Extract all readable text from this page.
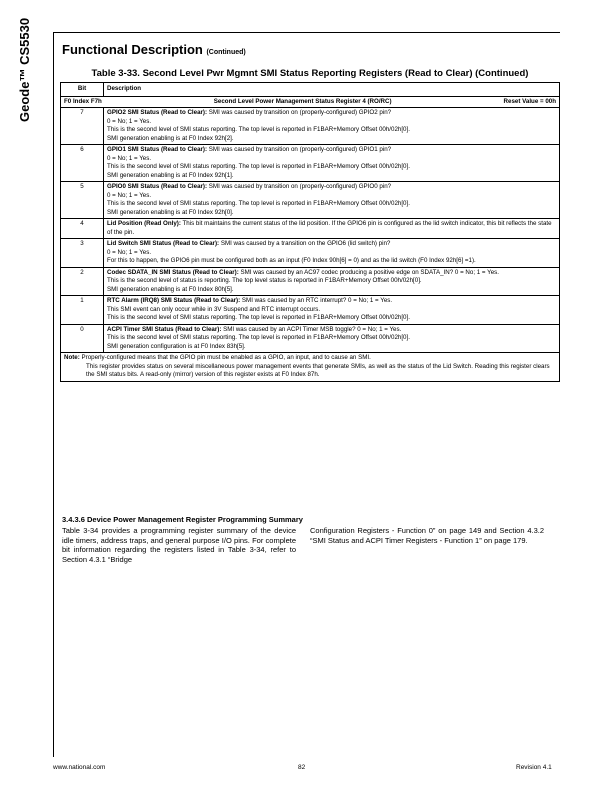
Geode™ CS5530 Functional Description (Continued)
Table 3-33. Second Level Pwr Mgmnt SMI Status Reporting Registers (Read to Clear) (Continued)
Bit	Description

F0 Index F7h Second Level Power Management Status Register 4 (RO/RC) Reset Value = 00h	

7	GPIO2 SMI Status (Read to Clear): SMI was caused by transition on (properly-configured) GPIO2 pin?

0 = No; 1 = Yes.

This is the second level of SMI status reporting. The top level is reported in F1BAR+Memory Offset 00h/02h[0].

SMI generation enabling is at F0 Index 92h[2].

6	GPIO1 SMI Status (Read to Clear): SMI was caused by transition on (properly-configured) GPIO1 pin?

0 = No; 1 = Yes.

This is the second level of SMI status reporting. The top level is reported in F1BAR+Memory Offset 00h/02h[0].

SMI generation enabling is at F0 Index 92h[1].

5	GPIO0 SMI Status (Read to Clear): SMI was caused by transition on (properly-configured) GPIO0 pin?

0 = No; 1 = Yes.

This is the second level of SMI status reporting. The top level is reported in F1BAR+Memory Offset 00h/02h[0].

SMI generation enabling is at F0 Index 92h[0].

4	Lid Position (Read Only): This bit maintains the current status of the lid position. If the GPIO6 pin is configured as the lid switch indicator, this bit reflects the state of the pin.

3	Lid Switch SMI Status (Read to Clear): SMI was caused by a transition on the GPIO6 (lid switch) pin?

0 = No; 1 = Yes.

For this to happen, the GPIO6 pin must be configured both as an input (F0 Index 90h[6] = 0) and as the lid switch (F0 Index 92h[6] =1).

2	Codec SDATA_IN SMI Status (Read to Clear): SMI was caused by an AC97 codec producing a positive edge on SDATA_IN? 0 = No; 1 = Yes.

This is the second level of status is reporting. The top level status is reported in F1BAR+Memory Offset 00h/02h[0].

SMI generation enabling is at F0 Index 80h[5].

1	RTC Alarm (IRQ8) SMI Status (Read to Clear): SMI was caused by an RTC interrupt? 0 = No; 1 = Yes.

This SMI event can only occur while in 3V Suspend and RTC interrupt occurs.

This is the second level of SMI status reporting. The top level is reported in F1BAR+Memory Offset 00h/02h[0].

0	ACPI Timer SMI Status (Read to Clear): SMI was caused by an ACPI Timer MSB toggle? 0 = No; 1 = Yes.

This is the second level of SMI status reporting. The top level is reported in F1BAR+Memory Offset 00h/02h[0].

SMI generation configuration is at F0 Index 83h[5].

Note: Properly-configured means that the GPIO pin must be enabled as a GPIO, an input, and to cause an SMI.

This register provides status on several miscellaneous power management events that generate SMIs, as well as the status of the Lid Switch. Reading this register clears the SMI status bits. A read-only (mirror) version of this register exists at F0 Index 87h.	

3.4.3.6 Device Power Management Register Programming Summary
Table 3-34 provides a programming register summary of the device idle timers, address traps, and general purpose I/O pins. For complete bit information regarding the registers listed in Table 3-34, refer to Section 4.3.1 “Bridge
Configuration Registers - Function 0” on page 149 and Section 4.3.2 “SMI Status and ACPI Timer Registers - Function 1” on page 179.
www.national.com	82	Revision 4.1
